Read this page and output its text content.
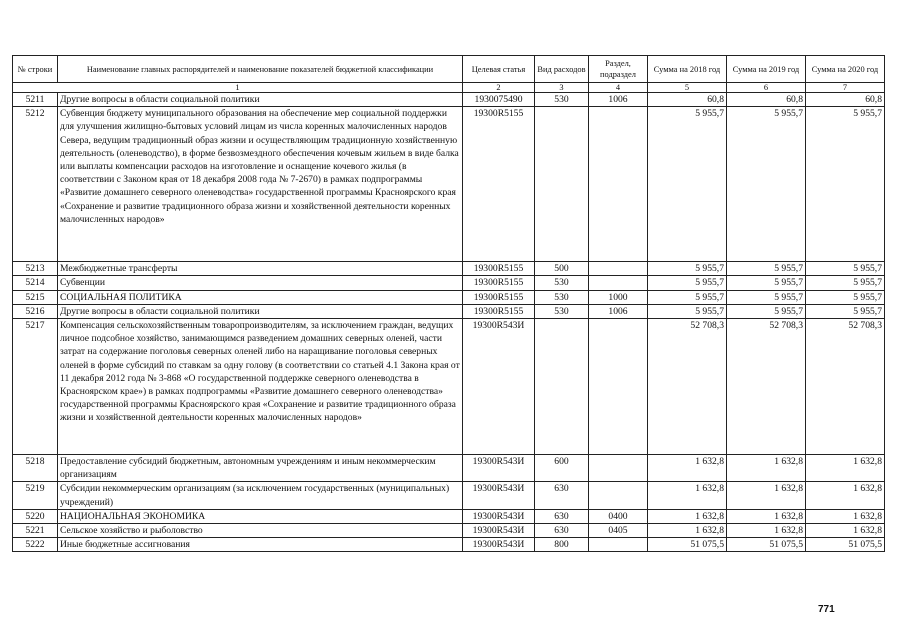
№ строки	Наименование главных распорядителей и наименование показателей бюджетной классификации	Целевая статья	Вид расходов	Раздел, подраздел	Сумма на 2018 год	Сумма на 2019 год	Сумма на 2020 год
1		2	3	4	5	6	7
5211	Другие вопросы в области социальной политики	1930075490	530	1006	60,8	60,8	60,8
5212	Субвенция бюджету муниципального образования на обеспечение мер социальной поддержки для улучшения жилищно-бытовых условий лицам из числа коренных малочисленных народов Севера, ведущим традиционный образ жизни и осуществляющим традиционную хозяйственную деятельность (оленеводство), в форме безвозмездного обеспечения кочевым жильем в виде балка или выплаты компенсации расходов на изготовление и оснащение кочевого жилья (в соответствии с Законом края от 18 декабря 2008 года № 7-2670) в рамках подпрограммы «Развитие домашнего северного оленеводства» государственной программы Красноярского края «Сохранение и развитие традиционного образа жизни и хозяйственной деятельности коренных малочисленных народов»	19300R5155			5 955,7	5 955,7	5 955,7
5213	Межбюджетные трансферты	19300R5155	500		5 955,7	5 955,7	5 955,7
5214	Субвенции	19300R5155	530		5 955,7	5 955,7	5 955,7
5215	СОЦИАЛЬНАЯ ПОЛИТИКА	19300R5155	530	1000	5 955,7	5 955,7	5 955,7
5216	Другие вопросы в области социальной политики	19300R5155	530	1006	5 955,7	5 955,7	5 955,7
5217	Компенсация сельскохозяйственным товаропроизводителям, за исключением граждан, ведущих личное подсобное хозяйство, занимающимся разведением домашних северных оленей, части затрат на содержание поголовья северных оленей либо на наращивание поголовья северных оленей в форме субсидий по ставкам за одну голову (в соответствии со статьей 4.1 Закона края от 11 декабря 2012 года № 3-868 «О государственной поддержке северного оленеводства в Красноярском крае») в рамках подпрограммы «Развитие домашнего северного оленеводства» государственной программы Красноярского края «Сохранение и развитие традиционного образа жизни и хозяйственной деятельности коренных малочисленных народов»	19300R543И			52 708,3	52 708,3	52 708,3
5218	Предоставление субсидий бюджетным, автономным учреждениям и иным некоммерческим организациям	19300R543И	600		1 632,8	1 632,8	1 632,8
5219	Субсидии некоммерческим организациям (за исключением государственных (муниципальных) учреждений)	19300R543И	630		1 632,8	1 632,8	1 632,8
5220	НАЦИОНАЛЬНАЯ ЭКОНОМИКА	19300R543И	630	0400	1 632,8	1 632,8	1 632,8
5221	Сельское хозяйство и рыболовство	19300R543И	630	0405	1 632,8	1 632,8	1 632,8
5222	Иные бюджетные ассигнования	19300R543И	800		51 075,5	51 075,5	51 075,5
771
